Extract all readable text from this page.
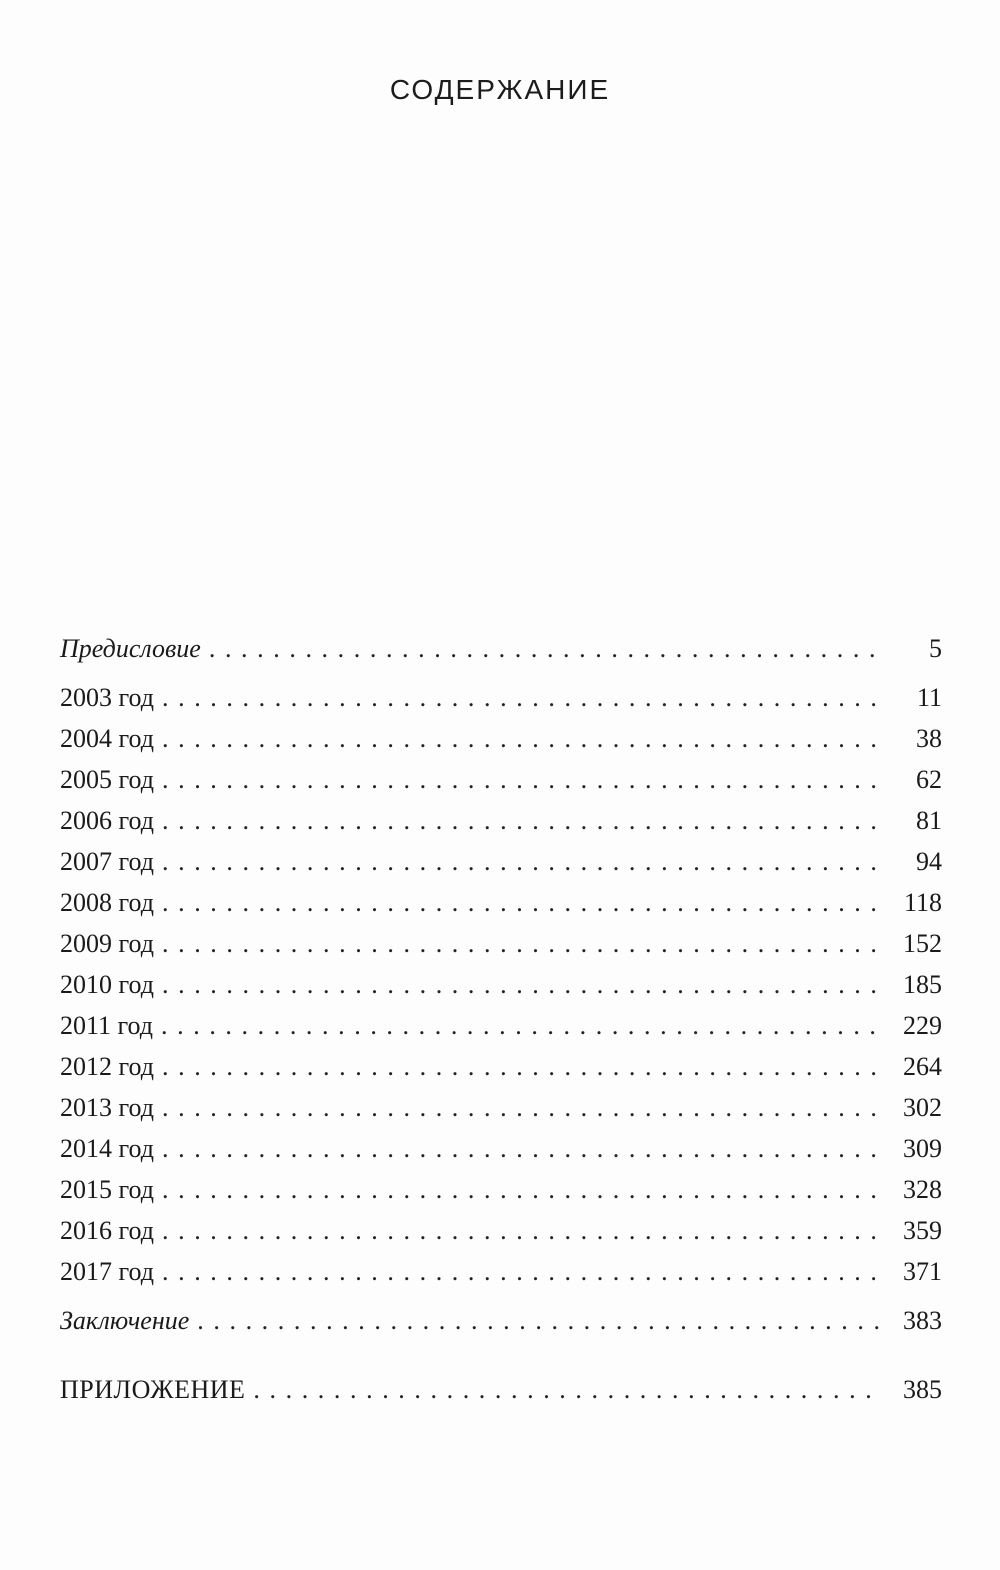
СОДЕРЖАНИЕ
Предисловие . . .	5
2003 год . . .	11
2004 год . . .	38
2005 год . . .	62
2006 год . . .	81
2007 год . . .	94
2008 год . . .	118
2009 год . . .	152
2010 год . . .	185
2011 год . . .	229
2012 год . . .	264
2013 год . . .	302
2014 год . . .	309
2015 год . . .	328
2016 год . . .	359
2017 год . . .	371
Заключение . . .	383
ПРИЛОЖЕНИЕ . . .	385
